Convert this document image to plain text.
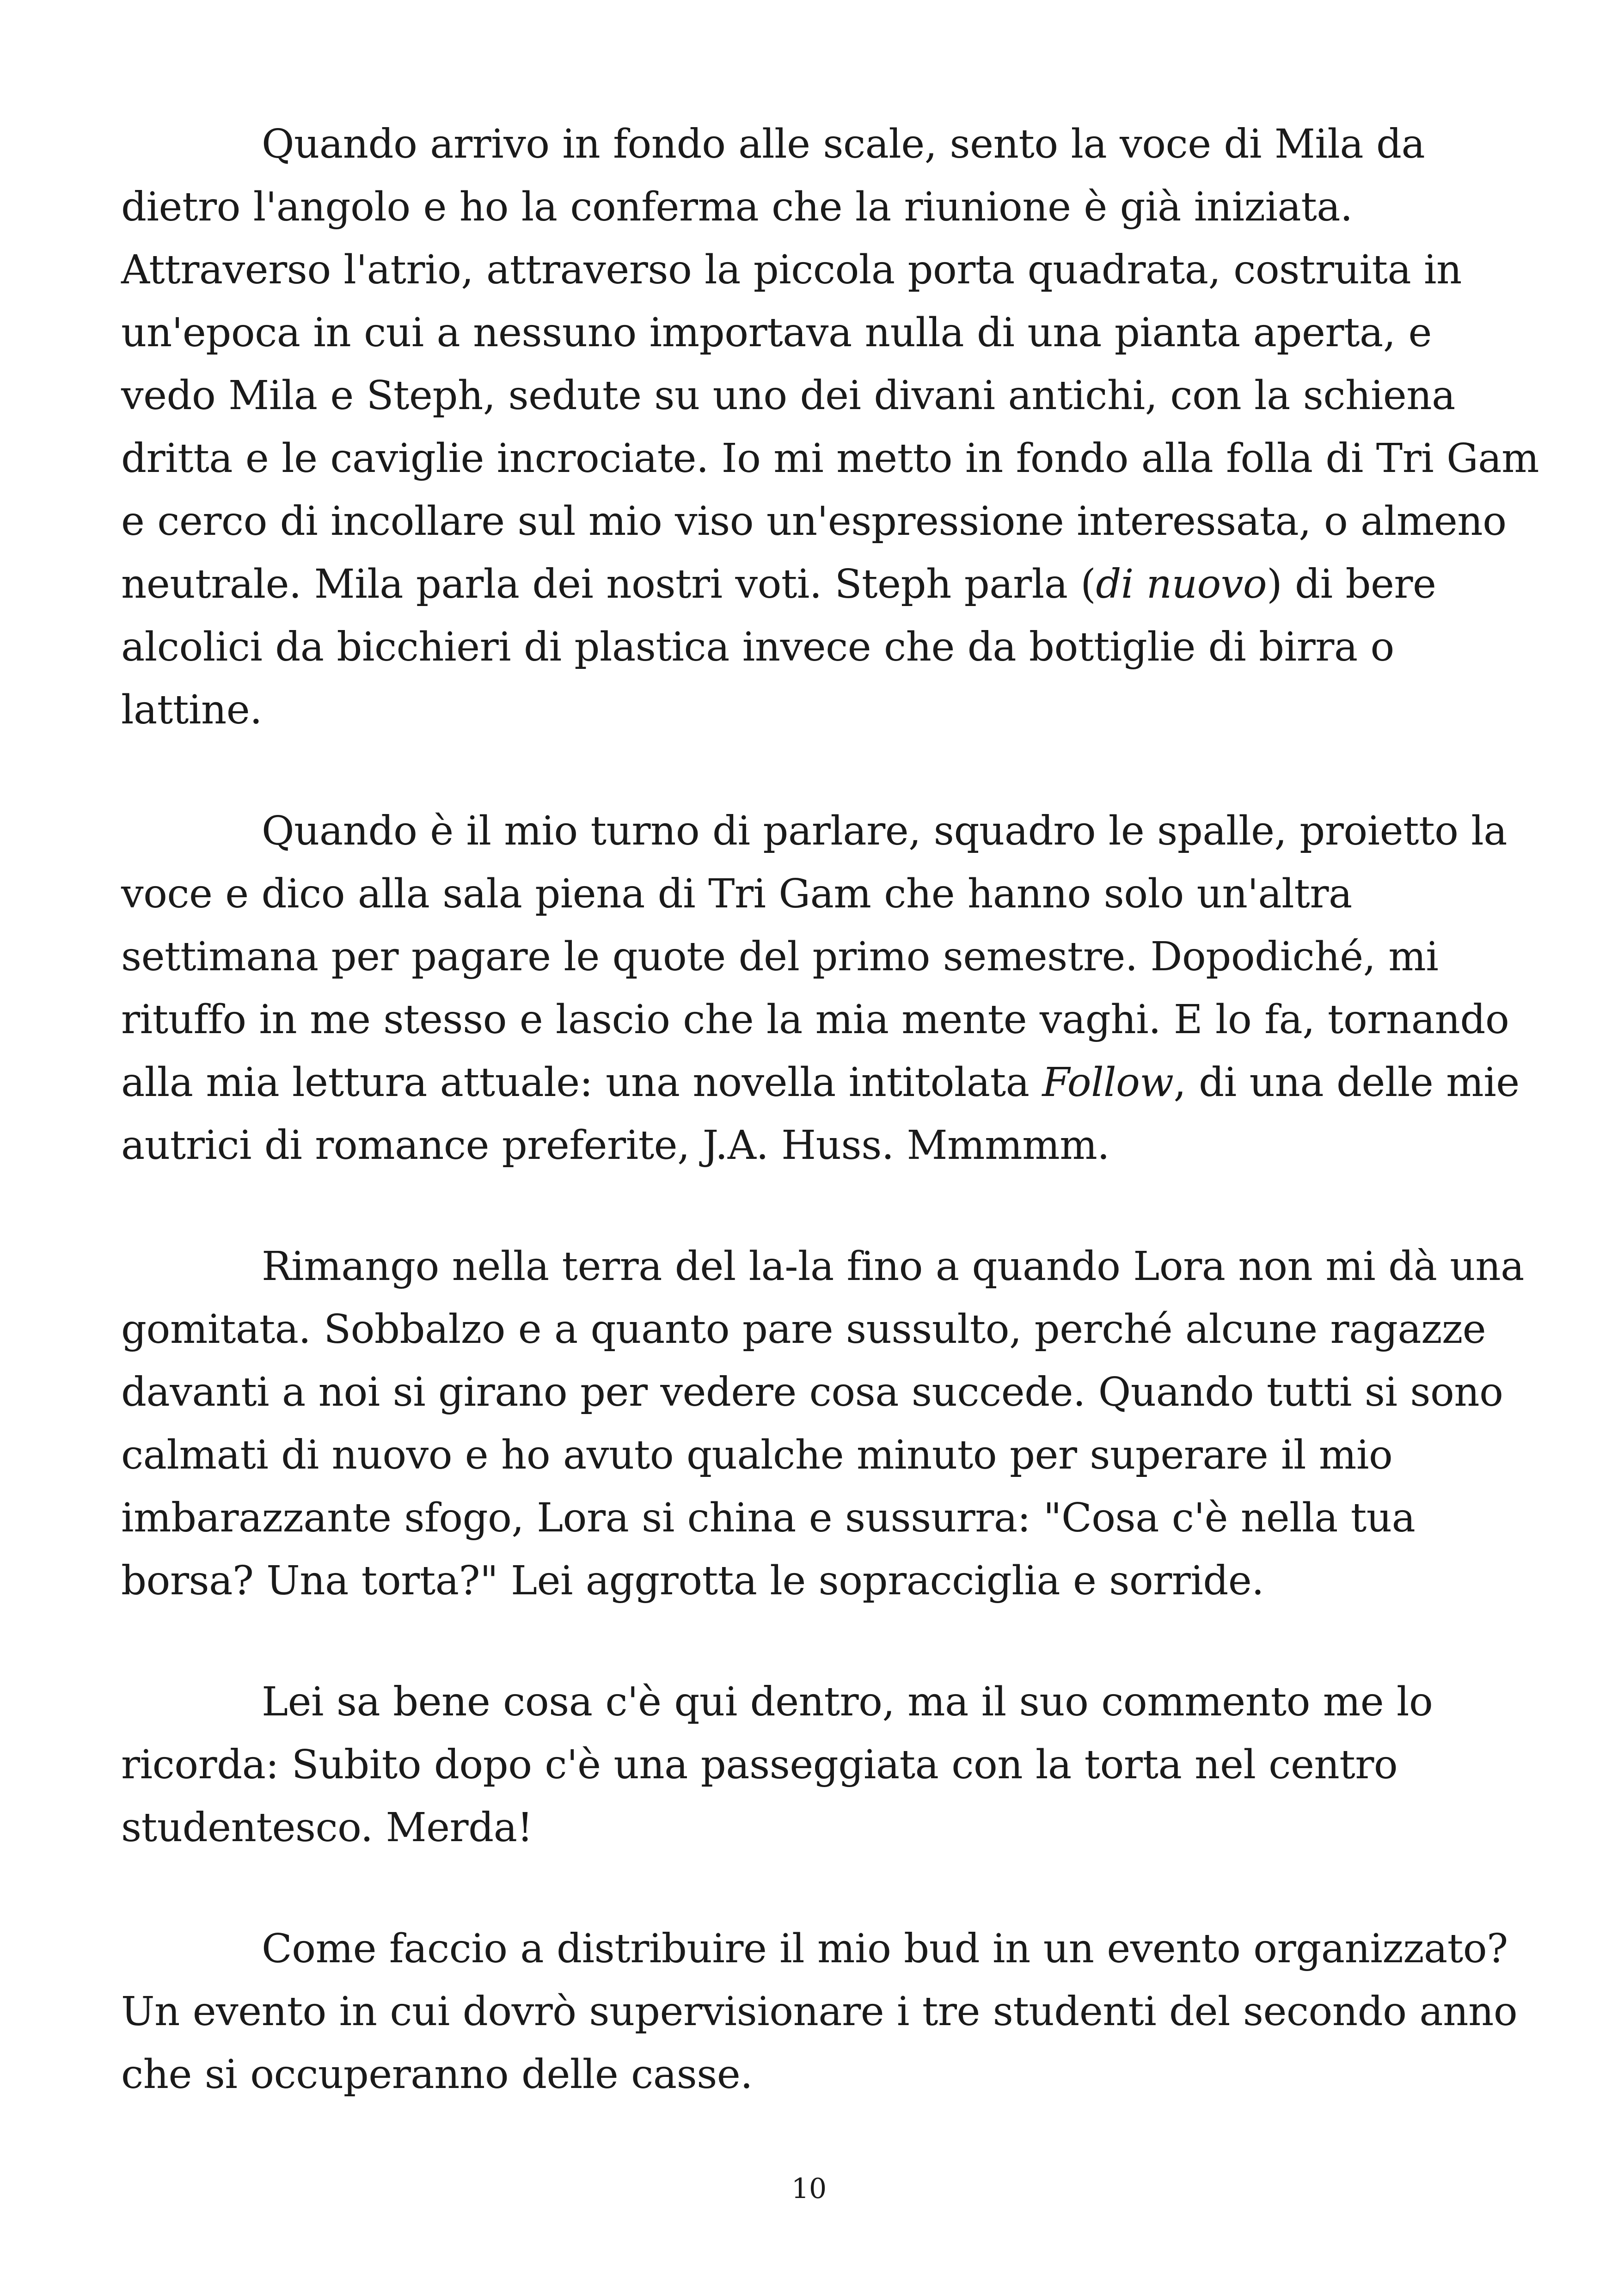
Quando arrivo in fondo alle scale, sento la voce di Mila da
dietro l'angolo e ho la conferma che la riunione è già iniziata.
Attraverso l'atrio, attraverso la piccola porta quadrata, costruita in
un'epoca in cui a nessuno importava nulla di una pianta aperta, e
vedo Mila e Steph, sedute su uno dei divani antichi, con la schiena
dritta e le caviglie incrociate. Io mi metto in fondo alla folla di Tri Gam
e cerco di incollare sul mio viso un'espressione interessata, o almeno
neutrale. Mila parla dei nostri voti. Steph parla (di nuovo) di bere
alcolici da bicchieri di plastica invece che da bottiglie di birra o
lattine.

Quando è il mio turno di parlare, squadro le spalle, proietto la
voce e dico alla sala piena di Tri Gam che hanno solo un'altra
settimana per pagare le quote del primo semestre. Dopodiché, mi
rituffo in me stesso e lascio che la mia mente vaghi. E lo fa, tornando
alla mia lettura attuale: una novella intitolata Follow, di una delle mie
autrici di romance preferite, J.A. Huss. Mmmmm.

Rimango nella terra del la-la fino a quando Lora non mi dà una
gomitata. Sobbalzo e a quanto pare sussulto, perché alcune ragazze
davanti a noi si girano per vedere cosa succede. Quando tutti si sono
calmati di nuovo e ho avuto qualche minuto per superare il mio
imbarazzante sfogo, Lora si china e sussurra: "Cosa c'è nella tua
borsa? Una torta?" Lei aggrotta le sopracciglia e sorride.

Lei sa bene cosa c'è qui dentro, ma il suo commento me lo
ricorda: Subito dopo c'è una passeggiata con la torta nel centro
studentesco. Merda!

Come faccio a distribuire il mio bud in un evento organizzato?
Un evento in cui dovrò supervisionare i tre studenti del secondo anno
che si occuperanno delle casse.

10
